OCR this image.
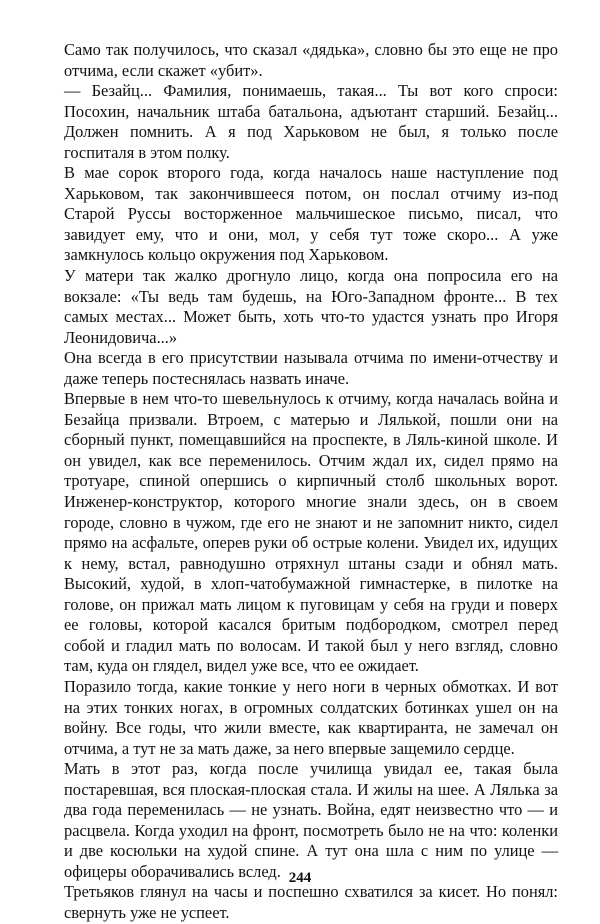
Само так получилось, что сказал «дядька», словно бы это еще не про отчима, если скажет «убит».

— Безайц... Фамилия, понимаешь, такая... Ты вот кого спроси: Посохин, начальник штаба батальона, адъютант старший. Безайц... Должен помнить. А я под Харьковом не был, я только после госпиталя в этом полку.

В мае сорок второго года, когда началось наше наступление под Харьковом, так закончившееся потом, он послал отчиму из-под Старой Руссы восторженное мальчишеское письмо, писал, что завидует ему, что и они, мол, у себя тут тоже скоро... А уже замкнулось кольцо окружения под Харьковом.

У матери так жалко дрогнуло лицо, когда она попросила его на вокзале: «Ты ведь там будешь, на Юго-Западном фронте... В тех самых местах... Может быть, хоть что-то удастся узнать про Игоря Леонидовича...»

Она всегда в его присутствии называла отчима по имени-отчеству и даже теперь постеснялась назвать иначе.

Впервые в нем что-то шевельнулось к отчиму, когда началась война и Безайца призвали. Втроем, с матерью и Лялькой, пошли они на сборный пункт, помещавшийся на проспекте, в Ляль-киной школе. И он увидел, как все переменилось. Отчим ждал их, сидел прямо на тротуаре, спиной опершись о кирпичный столб школьных ворот. Инженер-конструктор, которого многие знали здесь, он в своем городе, словно в чужом, где его не знают и не запомнит никто, сидел прямо на асфальте, оперев руки об острые колени. Увидел их, идущих к нему, встал, равнодушно отряхнул штаны сзади и обнял мать. Высокий, худой, в хлоп-чатобумажной гимнастерке, в пилотке на голове, он прижал мать лицом к пуговицам у себя на груди и поверх ее головы, которой касался бритым подбородком, смотрел перед собой и гладил мать по волосам. И такой был у него взгляд, словно там, куда он глядел, видел уже все, что ее ожидает.

Поразило тогда, какие тонкие у него ноги в черных обмотках. И вот на этих тонких ногах, в огромных солдатских ботинках ушел он на войну. Все годы, что жили вместе, как квартиранта, не замечал он отчима, а тут не за мать даже, за него впервые защемило сердце.

Мать в этот раз, когда после училища увидал ее, такая была постаревшая, вся плоская-плоская стала. И жилы на шее. А Лялька за два года переменилась — не узнать. Война, едят неизвестно что — и расцвела. Когда уходил на фронт, посмотреть было не на что: коленки и две косюльки на худой спине. А тут она шла с ним по улице — офицеры оборачивались вслед.

Третьяков глянул на часы и поспешно схватился за кисет. Но понял: свернуть уже не успеет.

244
